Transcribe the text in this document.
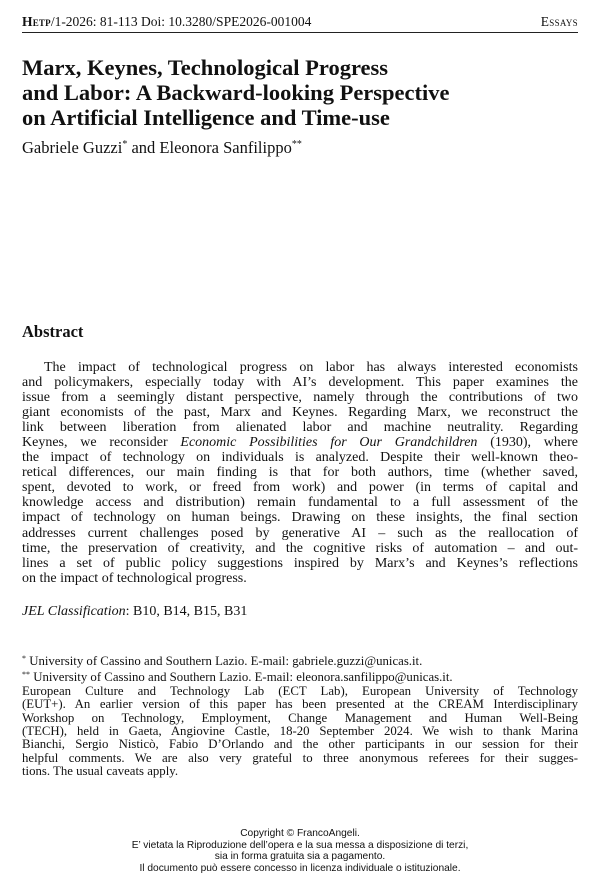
Hetp/1-2026: 81-113 Doi: 10.3280/SPE2026-001004	Essays
Marx, Keynes, Technological Progress
and Labor: A Backward-looking Perspective
on Artificial Intelligence and Time-use
Gabriele Guzzi* and Eleonora Sanfilippo**
Abstract
The impact of technological progress on labor has always interested economists
and policymakers, especially today with AI’s development. This paper examines the
issue from a seemingly distant perspective, namely through the contributions of two
giant economists of the past, Marx and Keynes. Regarding Marx, we reconstruct the
link between liberation from alienated labor and machine neutrality. Regarding
Keynes, we reconsider Economic Possibilities for Our Grandchildren (1930), where
the impact of technology on individuals is analyzed. Despite their well-known theo-
retical differences, our main finding is that for both authors, time (whether saved,
spent, devoted to work, or freed from work) and power (in terms of capital and
knowledge access and distribution) remain fundamental to a full assessment of the
impact of technology on human beings. Drawing on these insights, the final section
addresses current challenges posed by generative AI – such as the reallocation of
time, the preservation of creativity, and the cognitive risks of automation – and out-
lines a set of public policy suggestions inspired by Marx’s and Keynes’s reflections
on the impact of technological progress.
JEL Classification: B10, B14, B15, B31
* University of Cassino and Southern Lazio. E-mail: gabriele.guzzi@unicas.it.
** University of Cassino and Southern Lazio. E-mail: eleonora.sanfilippo@unicas.it.
European Culture and Technology Lab (ECT Lab), European University of Technology
(EUT+). An earlier version of this paper has been presented at the CREAM Interdisciplinary
Workshop on Technology, Employment, Change Management and Human Well-Being
(TECH), held in Gaeta, Angiovine Castle, 18-20 September 2024. We wish to thank Marina
Bianchi, Sergio Nisticò, Fabio D’Orlando and the other participants in our session for their
helpful comments. We are also very grateful to three anonymous referees for their sugges-
tions. The usual caveats apply.
Copyright © FrancoAngeli.
E’ vietata la Riproduzione dell’opera e la sua messa a disposizione di terzi,
sia in forma gratuita sia a pagamento.
Il documento può essere concesso in licenza individuale o istituzionale.
